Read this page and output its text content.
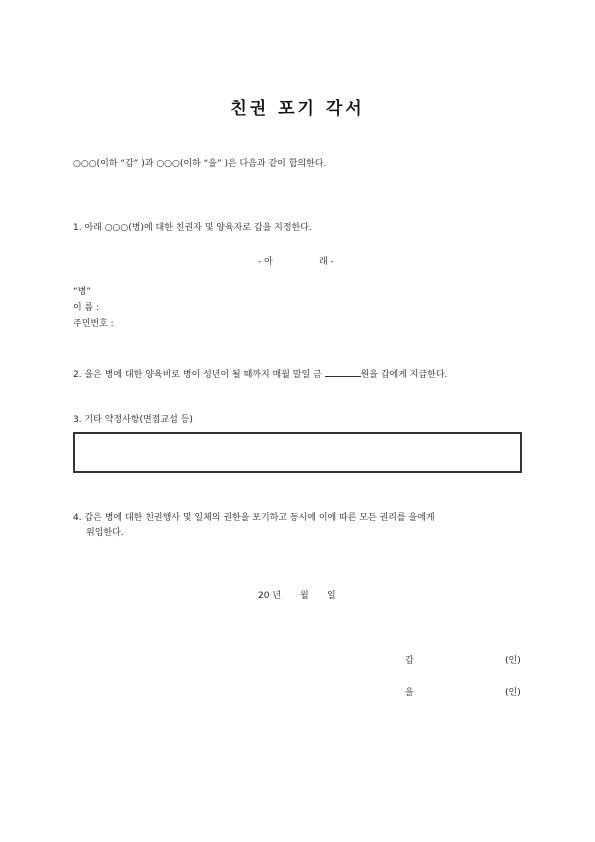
친권 포기 각서
○○○(이하 “갑” )과 ○○○(이하 “을” )은 다음과 같이 합의한다.
1. 아래 ○○○(병)에 대한 친권자 및 양육자로 갑을 지정한다.
- 아	래 -
“병”
이 름 :
주민번호 :
2. 을은 병에 대한 양육비로 병이 성년이 될 때까지 매월 말일 금	원을 갑에게 지급한다.
3. 기타 약정사항(면접교섭 등)
4. 갑은 병에 대한 친권행사 및 일체의 권한을 포기하고 동시에 이에 따른 모든 권리를 을에게
위임한다.
20 년 월 일
갑	(인)
을	(인)
